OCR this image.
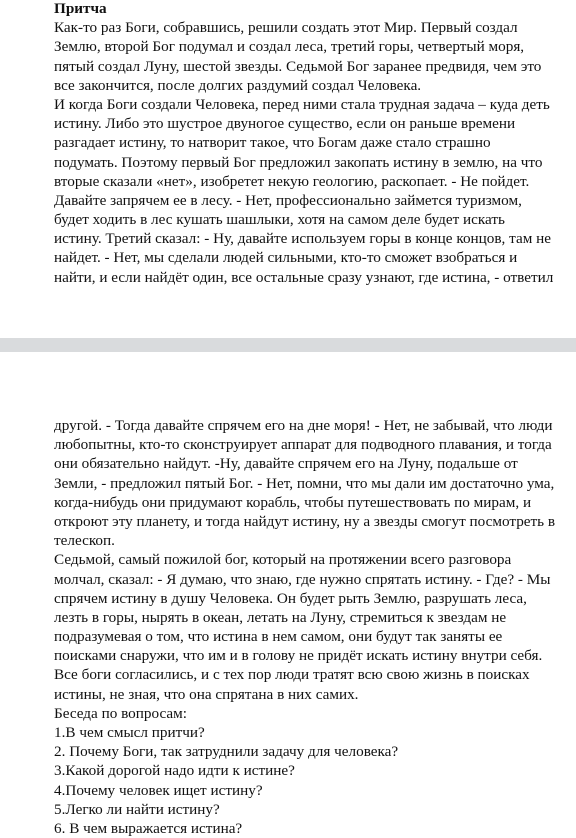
Притча
Как-то раз Боги, собравшись, решили создать этот Мир. Первый создал
Землю, второй Бог подумал и создал леса, третий горы, четвертый моря,
пятый создал Луну, шестой звезды. Седьмой Бог заранее предвидя, чем это
все закончится, после долгих раздумий создал Человека.
И когда Боги создали Человека, перед ними стала трудная задача – куда деть
истину. Либо это шустрое двуногое существо, если он раньше времени
разгадает истину, то натворит такое, что Богам даже стало страшно
подумать. Поэтому первый Бог предложил закопать истину в землю, на что
вторые сказали «нет», изобретет некую геологию, раскопает. - Не пойдет.
Давайте запрячем ее в лесу. - Нет, профессионально займется туризмом,
будет ходить в лес кушать шашлыки, хотя на самом деле будет искать
истину. Третий сказал: - Ну, давайте используем горы в конце концов, там не
найдет. - Нет, мы сделали людей сильными, кто-то сможет взобраться и
найти, и если найдёт один, все остальные сразу узнают, где истина, - ответил
другой. - Тогда давайте спрячем его на дне моря! - Нет, не забывай, что люди
любопытны, кто-то сконструирует аппарат для подводного плавания, и тогда
они обязательно найдут. -Ну, давайте спрячем его на Луну, подальше от
Земли, - предложил пятый Бог. - Нет, помни, что мы дали им достаточно ума,
когда-нибудь они придумают корабль, чтобы путешествовать по мирам, и
откроют эту планету, и тогда найдут истину, ну а звезды смогут посмотреть в
телескоп.
Седьмой, самый пожилой бог, который на протяжении всего разговора
молчал, сказал: - Я думаю, что знаю, где нужно спрятать истину. - Где? - Мы
спрячем истину в душу Человека. Он будет рыть Землю, разрушать леса,
лезть в горы, нырять в океан, летать на Луну, стремиться к звездам не
подразумевая о том, что истина в нем самом, они будут так заняты ее
поисками снаружи, что им и в голову не придёт искать истину внутри себя.
Все боги согласились, и с тех пор люди тратят всю свою жизнь в поисках
истины, не зная, что она спрятана в них самих.
Беседа по вопросам:
1.В чем смысл притчи?
2. Почему Боги, так затруднили задачу для человека?
3.Какой дорогой надо идти к истине?
4.Почему человек ищет истину?
5.Легко ли найти истину?
6. В чем выражается истина?
